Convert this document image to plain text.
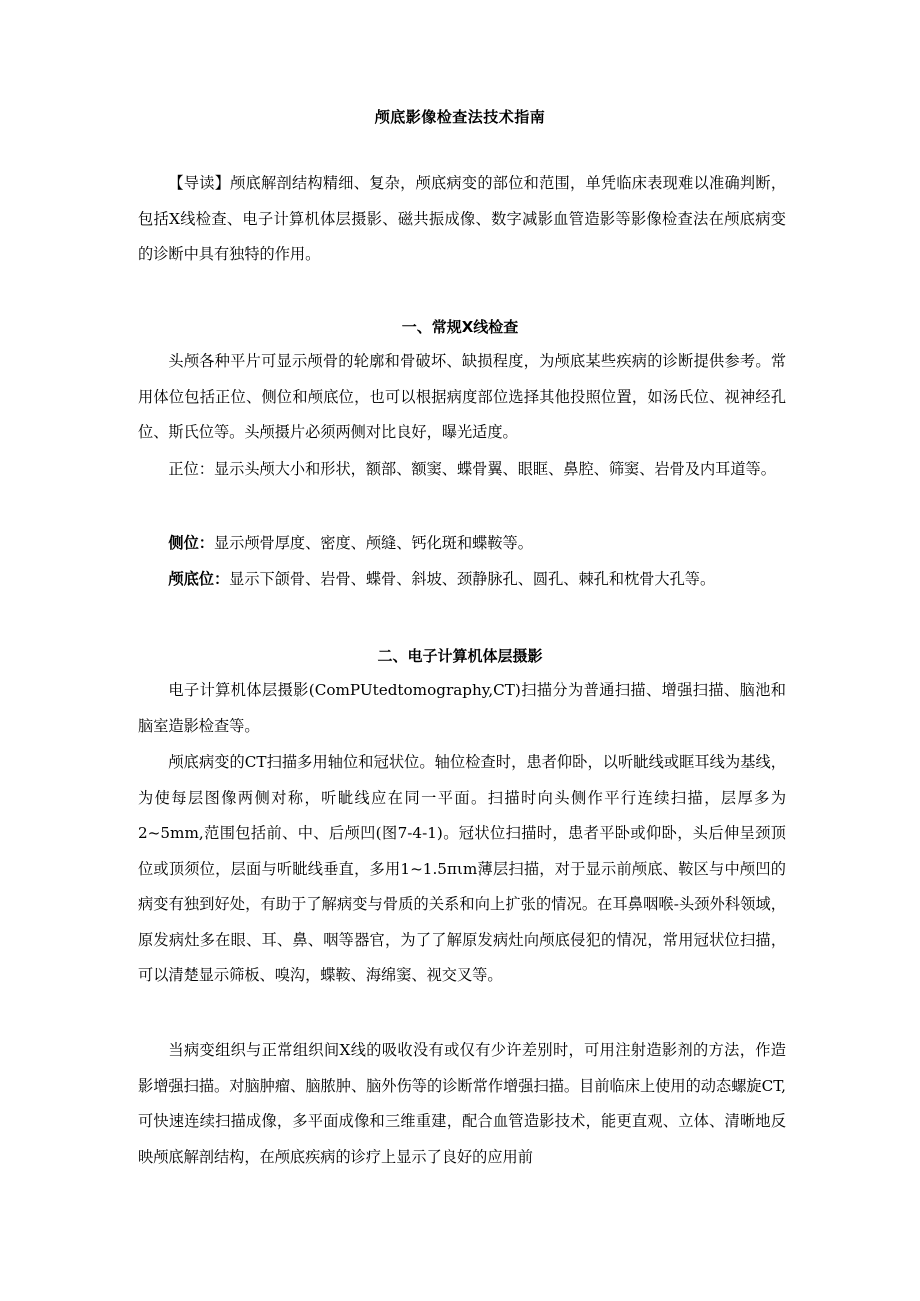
颅底影像检查法技术指南

【导读】颅底解剖结构精细、复杂，颅底病变的部位和范围，单凭临床表现难以准确判断，包括X线检查、电子计算机体层摄影、磁共振成像、数字减影血管造影等影像检查法在颅底病变的诊断中具有独特的作用。

一、常规X线检查

头颅各种平片可显示颅骨的轮廓和骨破坏、缺损程度，为颅底某些疾病的诊断提供参考。常用体位包括正位、侧位和颅底位，也可以根据病度部位选择其他投照位置，如汤氏位、视神经孔位、斯氏位等。头颅摄片必须两侧对比良好，曝光适度。

正位：显示头颅大小和形状，额部、额窦、蝶骨翼、眼眶、鼻腔、筛窦、岩骨及内耳道等。

侧位：显示颅骨厚度、密度、颅缝、钙化斑和蝶鞍等。

颅底位：显示下颌骨、岩骨、蝶骨、斜坡、颈静脉孔、圆孔、棘孔和枕骨大孔等。

二、电子计算机体层摄影

电子计算机体层摄影(ComPUtedtomography,CT)扫描分为普通扫描、增强扫描、脑池和脑室造影检查等。

颅底病变的CT扫描多用轴位和冠状位。轴位检查时，患者仰卧，以听眦线或眶耳线为基线，为使每层图像两侧对称，听眦线应在同一平面。扫描时向头侧作平行连续扫描，层厚多为2~5mm,范围包括前、中、后颅凹(图7-4-1)。冠状位扫描时，患者平卧或仰卧，头后伸呈颈顶位或顶须位，层面与听眦线垂直，多用1~1.5πιm薄层扫描，对于显示前颅底、鞍区与中颅凹的病变有独到好处，有助于了解病变与骨质的关系和向上扩张的情况。在耳鼻咽喉-头颈外科领域，原发病灶多在眼、耳、鼻、咽等器官，为了了解原发病灶向颅底侵犯的情况，常用冠状位扫描，可以清楚显示筛板、嗅沟，蝶鞍、海绵窦、视交叉等。

当病变组织与正常组织间X线的吸收没有或仅有少许差别时，可用注射造影剂的方法，作造影增强扫描。对脑肿瘤、脑脓肿、脑外伤等的诊断常作增强扫描。目前临床上使用的动态螺旋CT,可快速连续扫描成像，多平面成像和三维重建，配合血管造影技术，能更直观、立体、清晰地反映颅底解剖结构，在颅底疾病的诊疗上显示了良好的应用前
